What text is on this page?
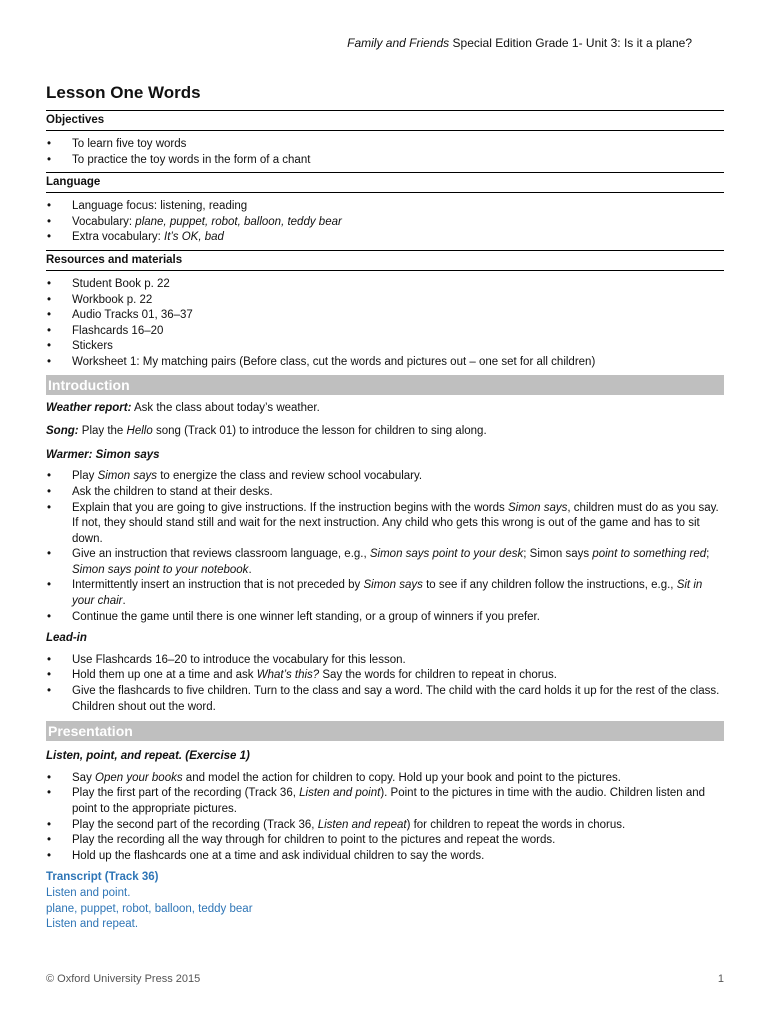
Family and Friends Special Edition Grade 1- Unit 3: Is it a plane?
Lesson One Words
Objectives
• To learn five toy words
• To practice the toy words in the form of a chant
Language
• Language focus: listening, reading
• Vocabulary: plane, puppet, robot, balloon, teddy bear
• Extra vocabulary: It’s OK, bad
Resources and materials
• Student Book p. 22
• Workbook p. 22
• Audio Tracks 01, 36–37
• Flashcards 16–20
• Stickers
• Worksheet 1: My matching pairs (Before class, cut the words and pictures out – one set for all children)
Introduction

Weather report: Ask the class about today’s weather.

Song: Play the Hello song (Track 01) to introduce the lesson for children to sing along.

Warmer: Simon says

• Play Simon says to energize the class and review school vocabulary.
• Ask the children to stand at their desks.
• Explain that you are going to give instructions. If the instruction begins with the words Simon says, children must do as you say. If not, they should stand still and wait for the next instruction. Any child who gets this wrong is out of the game and has to sit down.
• Give an instruction that reviews classroom language, e.g., Simon says point to your desk; Simon says point to something red; Simon says point to your notebook.
• Intermittently insert an instruction that is not preceded by Simon says to see if any children follow the instructions, e.g., Sit in your chair.
• Continue the game until there is one winner left standing, or a group of winners if you prefer.

Lead-in

• Use Flashcards 16–20 to introduce the vocabulary for this lesson.
• Hold them up one at a time and ask What’s this? Say the words for children to repeat in chorus.
• Give the flashcards to five children. Turn to the class and say a word. The child with the card holds it up for the rest of the class. Children shout out the word.
Presentation

Listen, point, and repeat. (Exercise 1)

• Say Open your books and model the action for children to copy. Hold up your book and point to the pictures.
• Play the first part of the recording (Track 36, Listen and point). Point to the pictures in time with the audio. Children listen and point to the appropriate pictures.
• Play the second part of the recording (Track 36, Listen and repeat) for children to repeat the words in chorus.
• Play the recording all the way through for children to point to the pictures and repeat the words.
• Hold up the flashcards one at a time and ask individual children to say the words.
Transcript (Track 36)
Listen and point.
plane, puppet, robot, balloon, teddy bear
Listen and repeat.
© Oxford University Press 2015	1
